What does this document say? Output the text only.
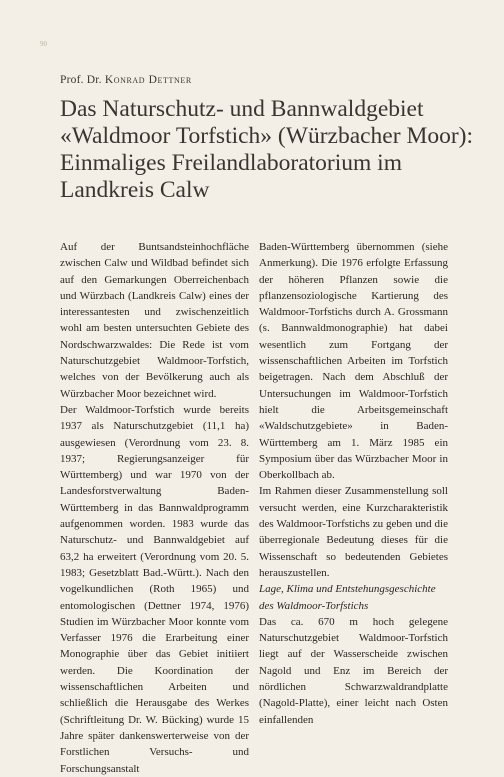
90
Prof. Dr. Konrad Dettner
Das Naturschutz- und Bannwaldgebiet «Waldmoor Torfstich» (Würzbacher Moor): Einmaliges Freilandlaboratorium im Landkreis Calw

Auf der Buntsandsteinhochfläche zwischen Calw und Wildbad befindet sich auf den Gemarkungen Oberreichenbach und Würzbach (Landkreis Calw) eines der interessantesten und zwischenzeitlich wohl am besten untersuchten Gebiete des Nordschwarzwaldes: Die Rede ist vom Naturschutzgebiet Waldmoor-Torfstich, welches von der Bevölkerung auch als Würzbacher Moor bezeichnet wird.

Der Waldmoor-Torfstich wurde bereits 1937 als Naturschutzgebiet (11,1 ha) ausgewiesen (Verordnung vom 23. 8. 1937; Regierungsanzeiger für Württemberg) und war 1970 von der Landesforstverwaltung Baden-Württemberg in das Bannwaldprogramm aufgenommen worden. 1983 wurde das Naturschutz- und Bannwaldgebiet auf 63,2 ha erweitert (Verordnung vom 20. 5. 1983; Gesetzblatt Bad.-Württ.). Nach den vogelkundlichen (Roth 1965) und entomologischen (Dettner 1974, 1976) Studien im Würzbacher Moor konnte vom Verfasser 1976 die Erarbeitung einer Monographie über das Gebiet initiiert werden. Die Koordination der wissenschaftlichen Arbeiten und schließlich die Herausgabe des Werkes (Schriftleitung Dr. W. Bücking) wurde 15 Jahre später dankenswerterweise von der Forstlichen Versuchs- und Forschungsanstalt

Baden-Württemberg übernommen (siehe Anmerkung). Die 1976 erfolgte Erfassung der höheren Pflanzen sowie die pflanzensoziologische Kartierung des Waldmoor-Torfstichs durch A. Grossmann (s. Bannwaldmonographie) hat dabei wesentlich zum Fortgang der wissenschaftlichen Arbeiten im Torfstich beigetragen. Nach dem Abschluß der Untersuchungen im Waldmoor-Torfstich hielt die Arbeitsgemeinschaft «Waldschutzgebiete» in Baden-Württemberg am 1. März 1985 ein Symposium über das Würzbacher Moor in Oberkollbach ab.

Im Rahmen dieser Zusammenstellung soll versucht werden, eine Kurzcharakteristik des Waldmoor-Torfstichs zu geben und die überregionale Bedeutung dieses für die Wissenschaft so bedeutenden Gebietes herauszustellen.

Lage, Klima und Entstehungsgeschichte des Waldmoor-Torfstichs

Das ca. 670 m hoch gelegene Naturschutzgebiet Waldmoor-Torfstich liegt auf der Wasserscheide zwischen Nagold und Enz im Bereich der nördlichen Schwarzwaldrandplatte (Nagold-Platte), einer leicht nach Osten einfallenden
